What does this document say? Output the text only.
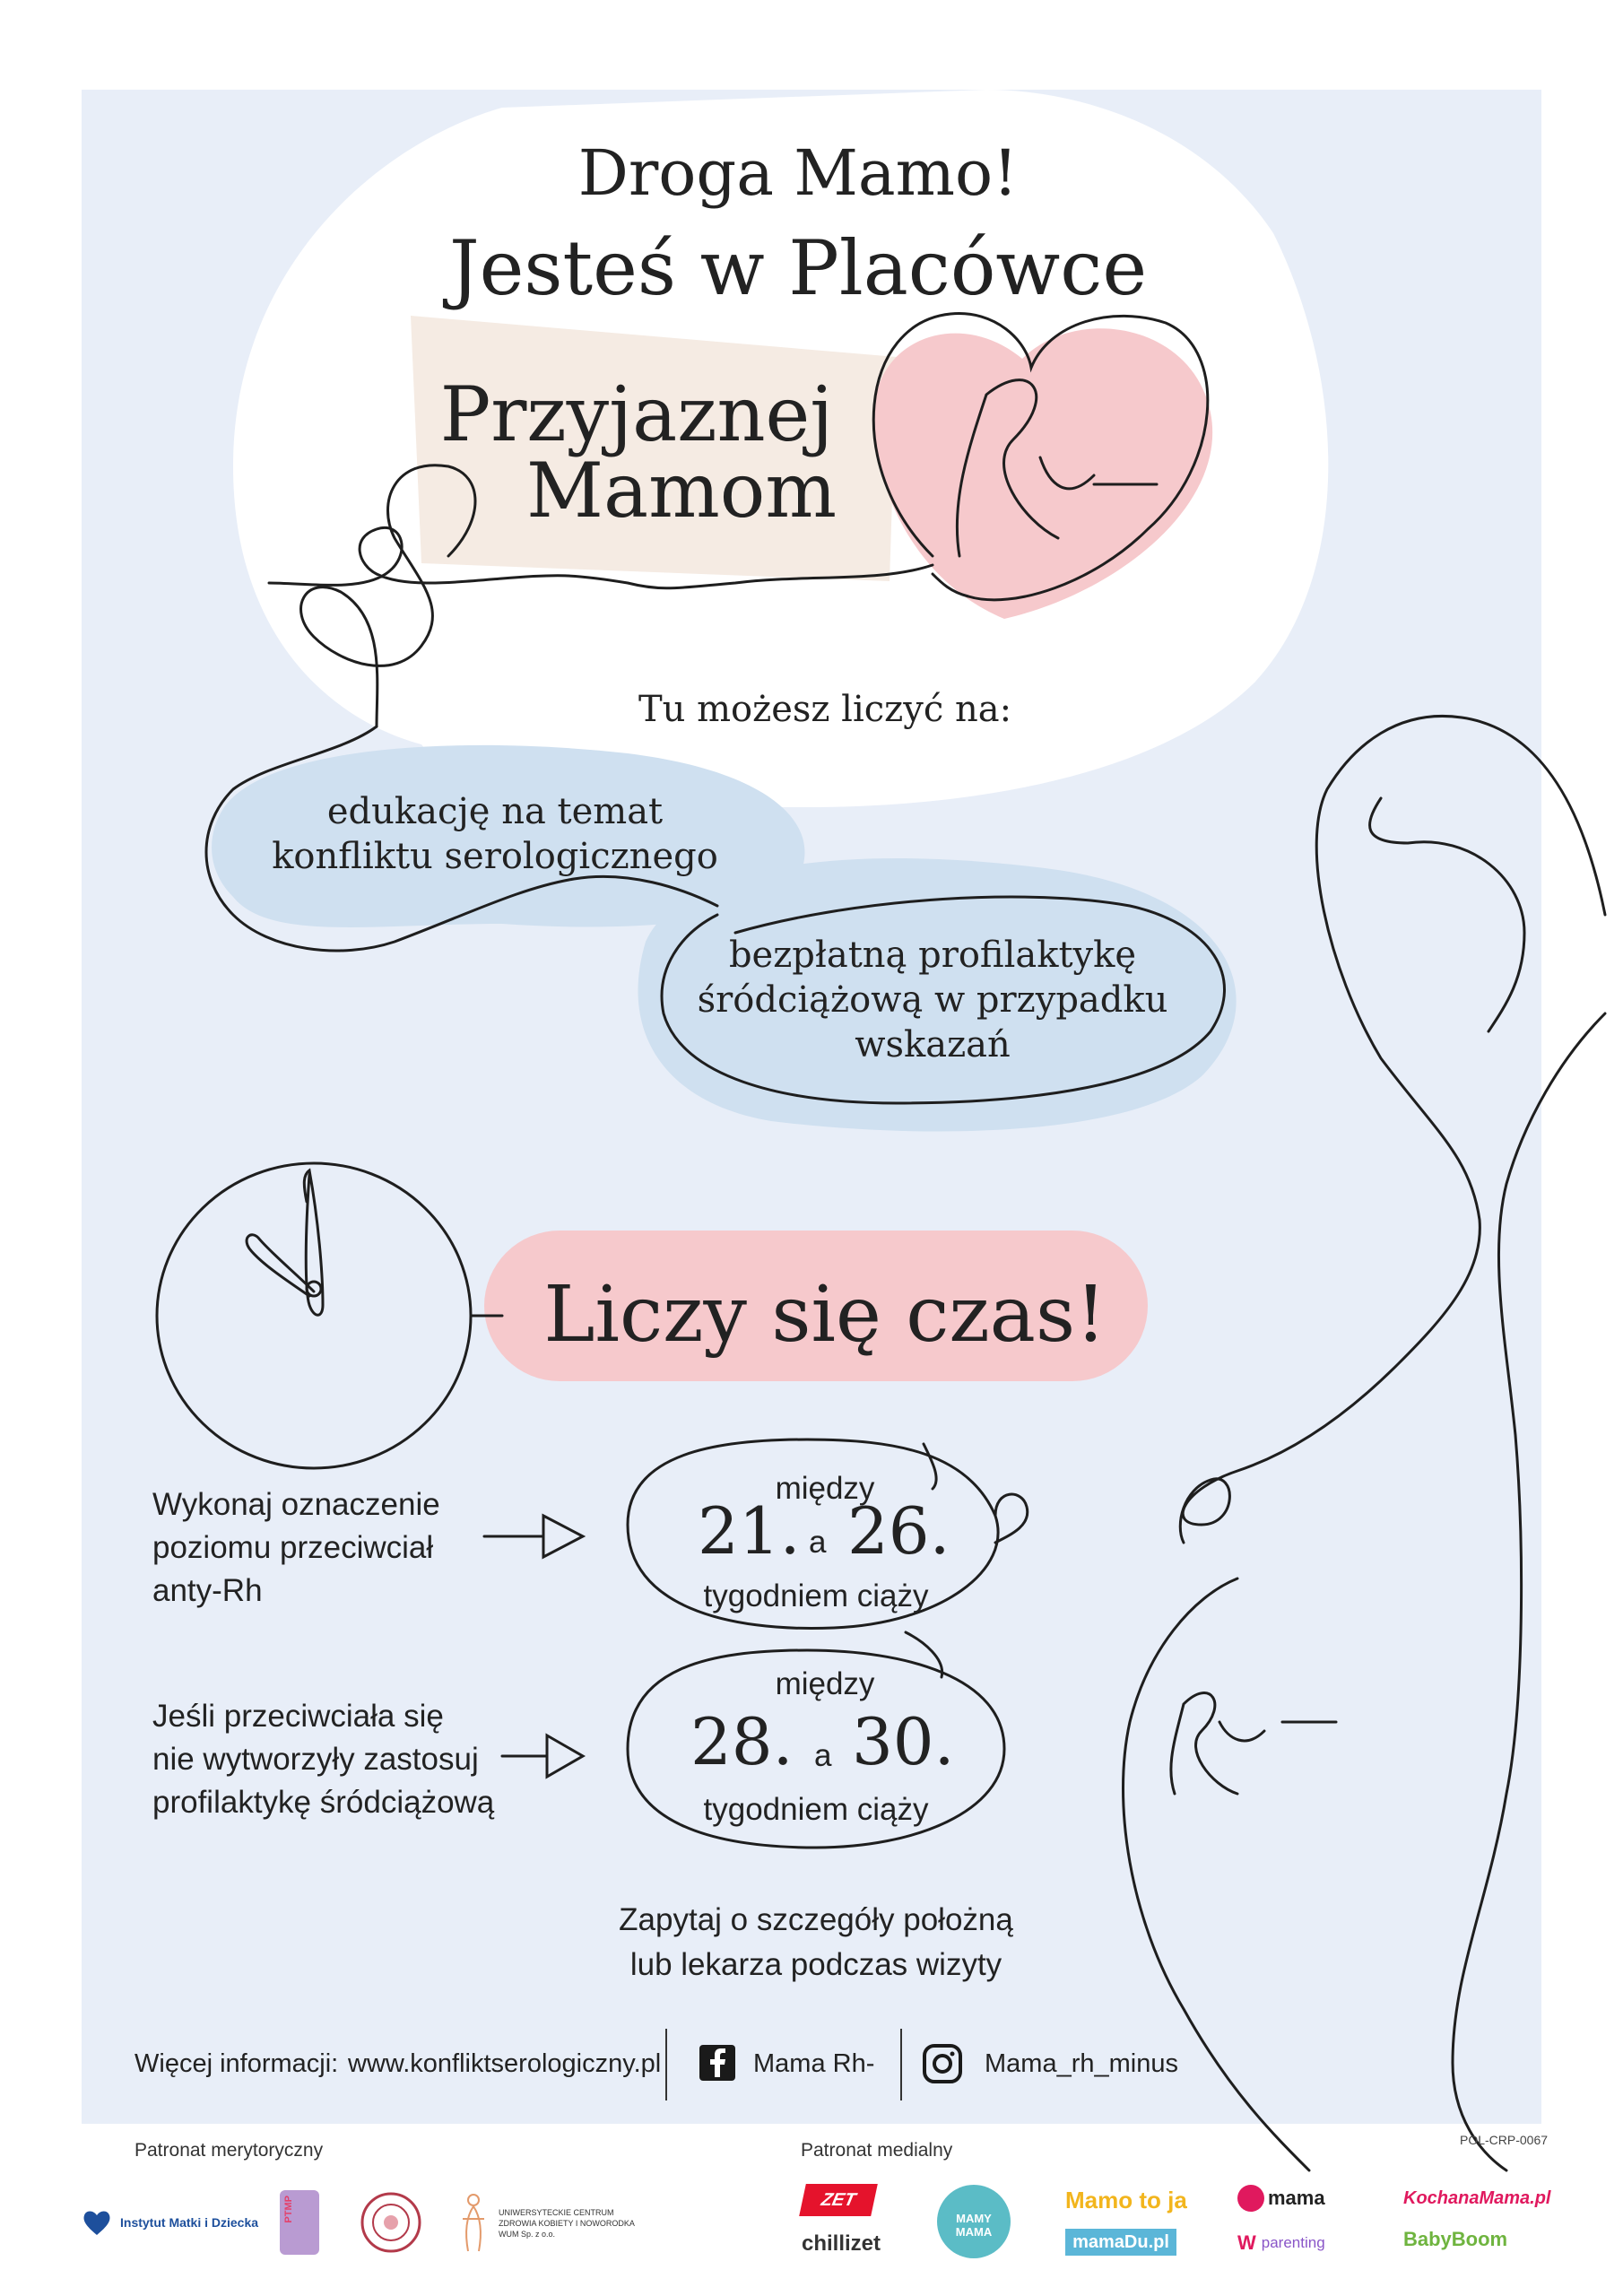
Droga Mamo!
Jesteś w Placówce
Przyjaznej
Mamom
Tu możesz liczyć na:
edukację na temat
konfliktu serologicznego
bezpłatną profilaktykę
śródciążową w przypadku
wskazań
Liczy się czas!
Wykonaj oznaczenie
poziomu przeciwciał
anty-Rh
między
21. a 26.
tygodniem ciąży
Jeśli przeciwciała się
nie wytworzyły zastosuj
profilaktykę śródciążową
między
28. a 30.
tygodniem ciąży
Zapytaj o szczegóły położną
lub lekarza podczas wizyty
Więcej informacji: www.konfliktserologiczny.pl	Mama Rh-	Mama_rh_minus
Patronat merytoryczny	Patronat medialny	POL-CRP-0067
Instytut Matki i Dziecka	PTMP	UNIWERSYTECKIE CENTRUM ZDROWIA KOBIETY I NOWORODKA WUM Sp. z o.o.
ZET
chillizet
MAMY MAMA
Mamo to ja
mamaDu.pl
mama
W parenting
KochanaMama.pl
BabyBoom
